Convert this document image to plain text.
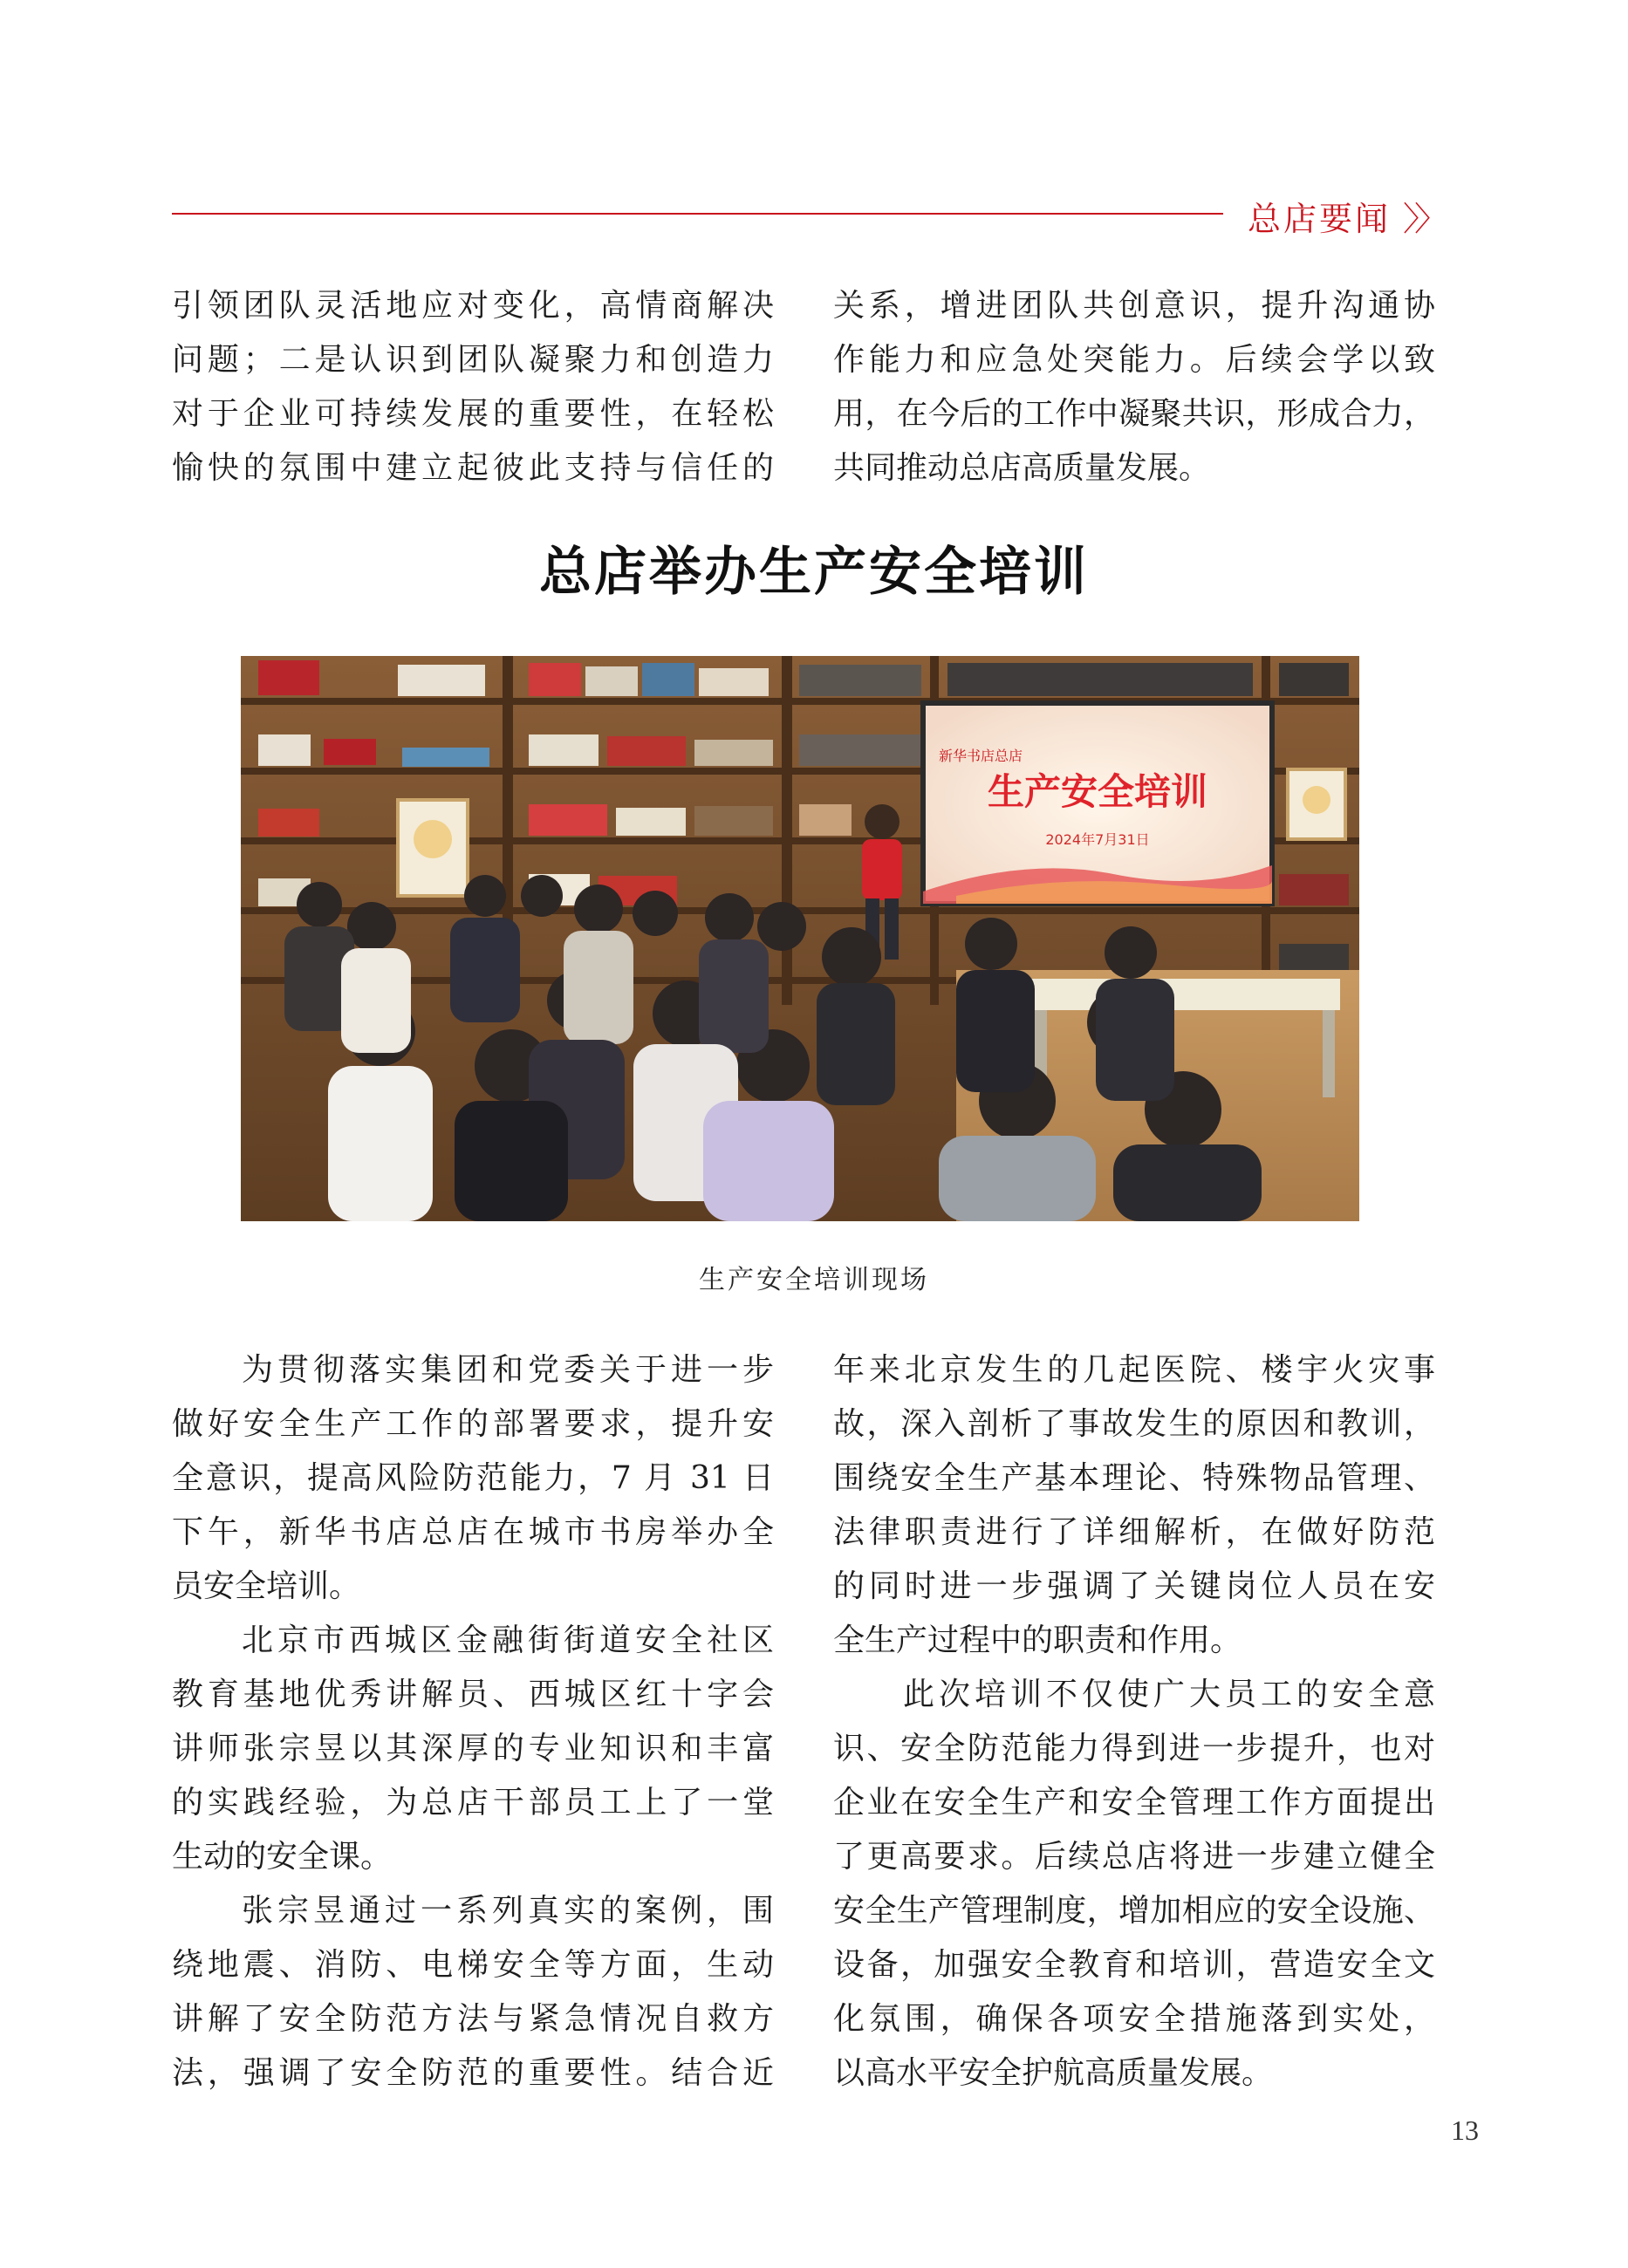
总店要闻 〉〉

引领团队灵活地应对变化，高情商解决

问题；二是认识到团队凝聚力和创造力

对于企业可持续发展的重要性，在轻松

愉快的氛围中建立起彼此支持与信任的

关系，增进团队共创意识，提升沟通协

作能力和应急处突能力。后续会学以致

用，在今后的工作中凝聚共识，形成合力，

共同推动总店高质量发展。

总店举办生产安全培训
新华书店总店
生产安全培训
2024年7月31日
生产安全培训现场

为贯彻落实集团和党委关于进一步

做好安全生产工作的部署要求，提升安

全意识，提高风险防范能力，7 月 31 日

下午，新华书店总店在城市书房举办全

员安全培训。

北京市西城区金融街街道安全社区

教育基地优秀讲解员、西城区红十字会

讲师张宗昱以其深厚的专业知识和丰富

的实践经验，为总店干部员工上了一堂

生动的安全课。

张宗昱通过一系列真实的案例，围

绕地震、消防、电梯安全等方面，生动

讲解了安全防范方法与紧急情况自救方

法，强调了安全防范的重要性。结合近

年来北京发生的几起医院、楼宇火灾事

故，深入剖析了事故发生的原因和教训，

围绕安全生产基本理论、特殊物品管理、

法律职责进行了详细解析，在做好防范

的同时进一步强调了关键岗位人员在安

全生产过程中的职责和作用。

此次培训不仅使广大员工的安全意

识、安全防范能力得到进一步提升，也对

企业在安全生产和安全管理工作方面提出

了更高要求。后续总店将进一步建立健全

安全生产管理制度，增加相应的安全设施、

设备，加强安全教育和培训，营造安全文

化氛围，确保各项安全措施落到实处，

以高水平安全护航高质量发展。

13
